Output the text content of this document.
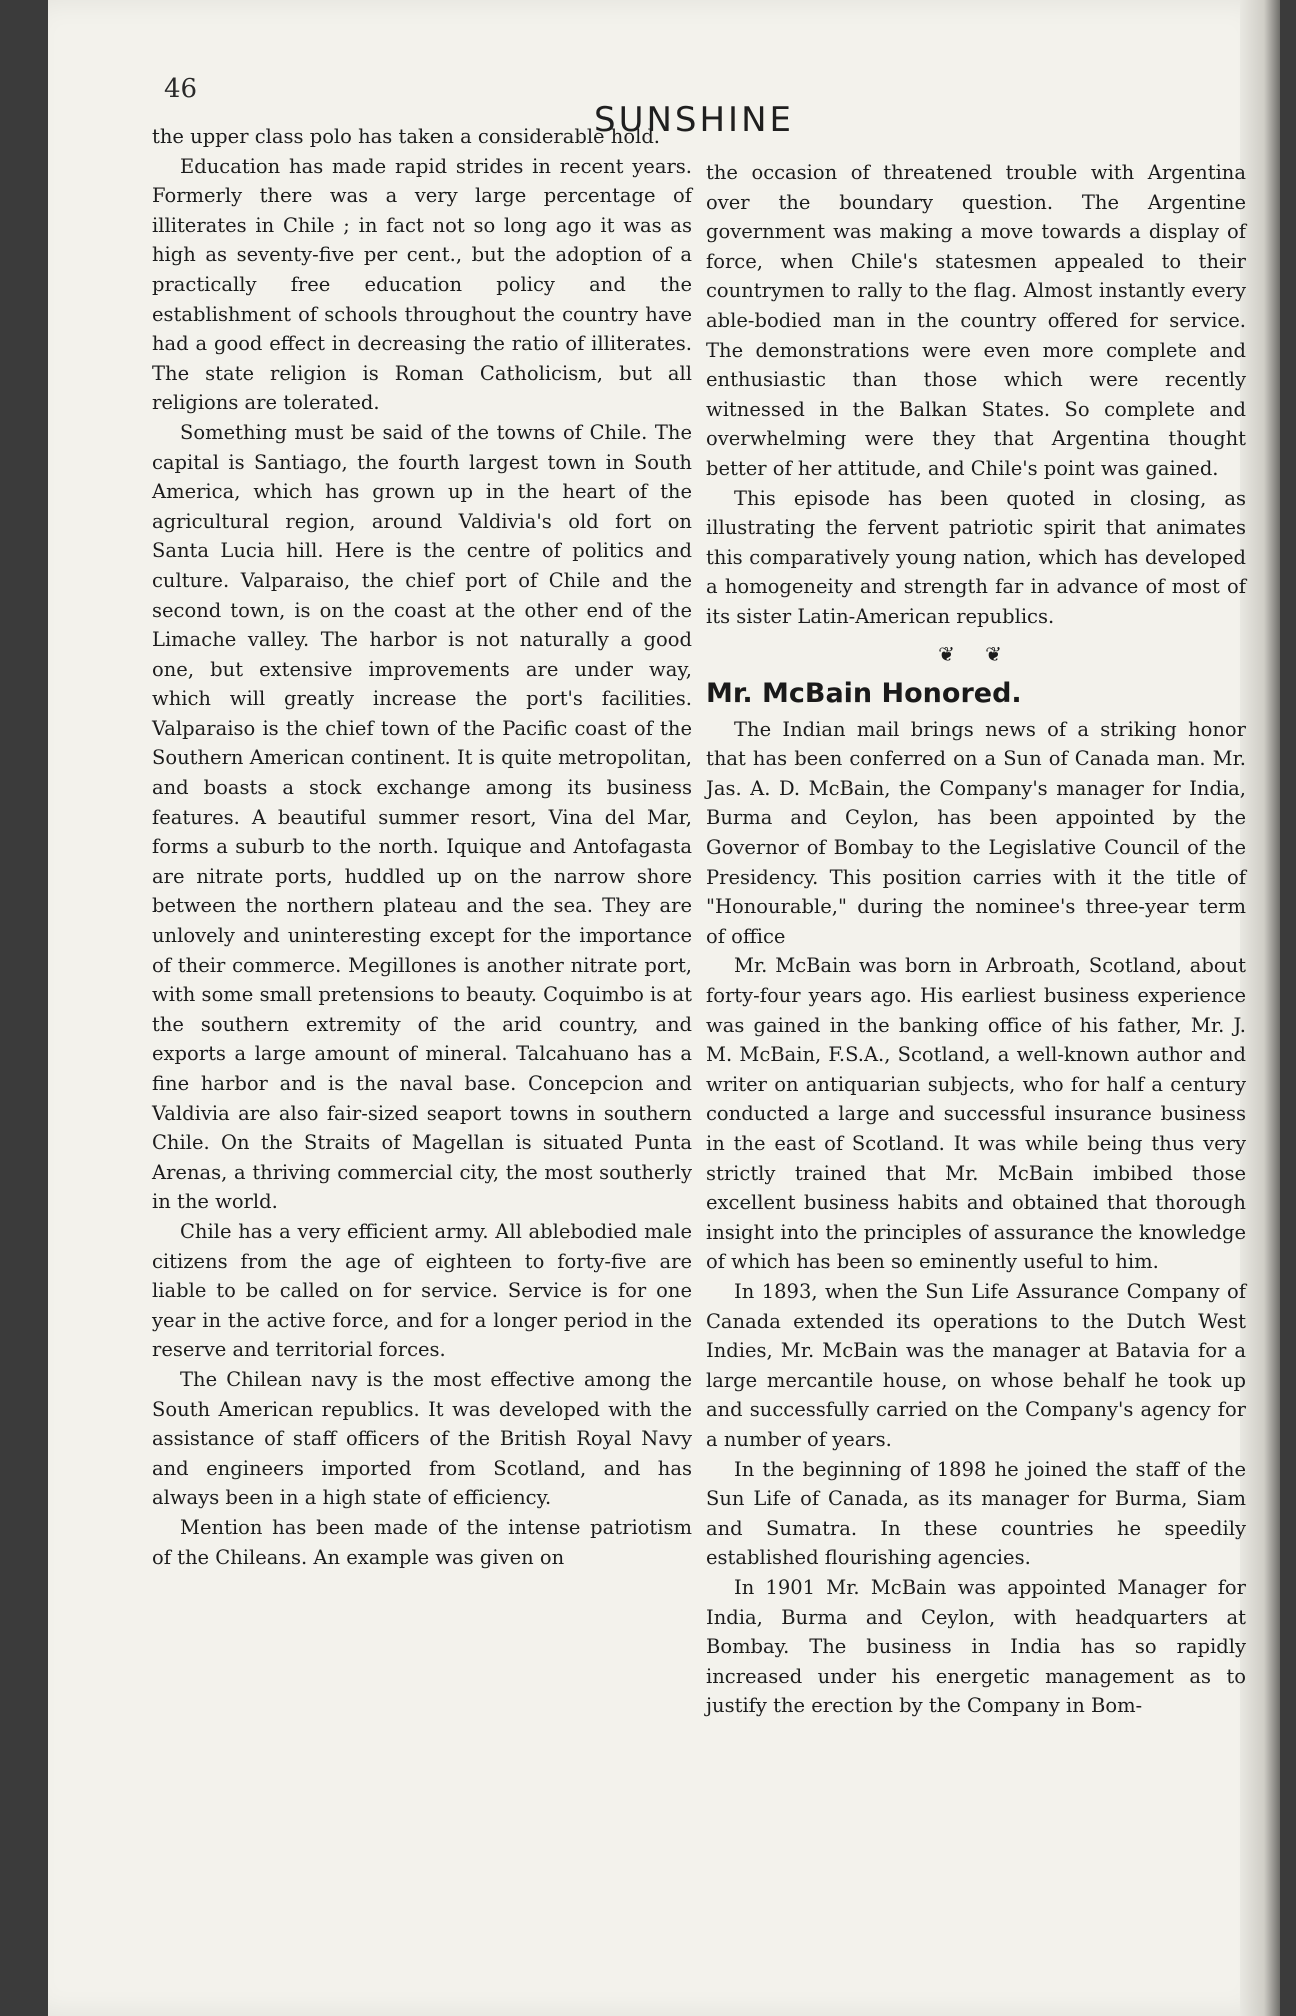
46
SUNSHINE

the upper class polo has taken a considerable hold.

Education has made rapid strides in recent years. Formerly there was a very large percentage of illiterates in Chile ; in fact not so long ago it was as high as seventy-five per cent., but the adoption of a practically free education policy and the establishment of schools throughout the country have had a good effect in decreasing the ratio of illiterates. The state religion is Roman Catholicism, but all religions are tolerated.

Something must be said of the towns of Chile. The capital is Santiago, the fourth largest town in South America, which has grown up in the heart of the agricultural region, around Valdivia's old fort on Santa Lucia hill. Here is the centre of politics and culture. Valparaiso, the chief port of Chile and the second town, is on the coast at the other end of the Limache valley. The harbor is not naturally a good one, but extensive improvements are under way, which will greatly increase the port's facilities. Valparaiso is the chief town of the Pacific coast of the Southern American continent. It is quite metropolitan, and boasts a stock exchange among its business features. A beautiful summer resort, Vina del Mar, forms a suburb to the north. Iquique and Antofagasta are nitrate ports, huddled up on the narrow shore between the northern plateau and the sea. They are unlovely and uninteresting except for the importance of their commerce. Megillones is another nitrate port, with some small pretensions to beauty. Coquimbo is at the southern extremity of the arid country, and exports a large amount of mineral. Talcahuano has a fine harbor and is the naval base. Concepcion and Valdivia are also fair-sized seaport towns in southern Chile. On the Straits of Magellan is situated Punta Arenas, a thriving commercial city, the most southerly in the world.

Chile has a very efficient army. All ablebodied male citizens from the age of eighteen to forty-five are liable to be called on for service. Service is for one year in the active force, and for a longer period in the reserve and territorial forces.

The Chilean navy is the most effective among the South American republics. It was developed with the assistance of staff officers of the British Royal Navy and engineers imported from Scotland, and has always been in a high state of efficiency.

Mention has been made of the intense patriotism of the Chileans. An example was given on

the occasion of threatened trouble with Argentina over the boundary question. The Argentine government was making a move towards a display of force, when Chile's statesmen appealed to their countrymen to rally to the flag. Almost instantly every able-bodied man in the country offered for service. The demonstrations were even more complete and enthusiastic than those which were recently witnessed in the Balkan States. So complete and overwhelming were they that Argentina thought better of her attitude, and Chile's point was gained.

This episode has been quoted in closing, as illustrating the fervent patriotic spirit that animates this comparatively young nation, which has developed a homogeneity and strength far in advance of most of its sister Latin-American republics.

❦ ❦
Mr. McBain Honored.

The Indian mail brings news of a striking honor that has been conferred on a Sun of Canada man. Mr. Jas. A. D. McBain, the Company's manager for India, Burma and Ceylon, has been appointed by the Governor of Bombay to the Legislative Council of the Presidency. This position carries with it the title of "Honourable," during the nominee's three-year term of office

Mr. McBain was born in Arbroath, Scotland, about forty-four years ago. His earliest business experience was gained in the banking office of his father, Mr. J. M. McBain, F.S.A., Scotland, a well-known author and writer on antiquarian subjects, who for half a century conducted a large and successful insurance business in the east of Scotland. It was while being thus very strictly trained that Mr. McBain imbibed those excellent business habits and obtained that thorough insight into the principles of assurance the knowledge of which has been so eminently useful to him.

In 1893, when the Sun Life Assurance Company of Canada extended its operations to the Dutch West Indies, Mr. McBain was the manager at Batavia for a large mercantile house, on whose behalf he took up and successfully carried on the Company's agency for a number of years.

In the beginning of 1898 he joined the staff of the Sun Life of Canada, as its manager for Burma, Siam and Sumatra. In these countries he speedily established flourishing agencies.

In 1901 Mr. McBain was appointed Manager for India, Burma and Ceylon, with headquarters at Bombay. The business in India has so rapidly increased under his energetic management as to justify the erection by the Company in Bom-
